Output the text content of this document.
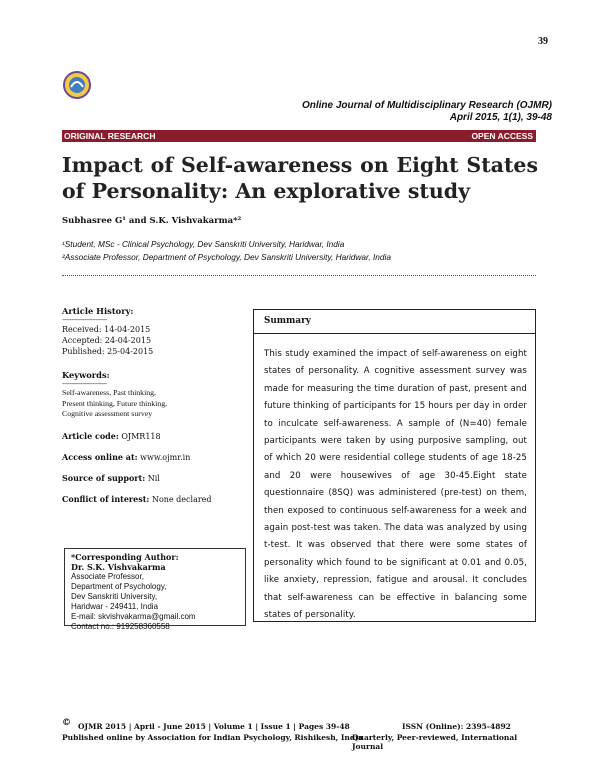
39
Online Journal of Multidisciplinary Research (OJMR)
April 2015, 1(1), 39-48
ORIGINAL RESEARCH	OPEN ACCESS
Impact of Self-awareness on Eight States of Personality: An explorative study
Subhasree G¹ and S.K. Vishvakarma*²
¹Student, MSc - Clinical Psychology, Dev Sanskriti University, Haridwar, India
²Associate Professor, Department of Psychology, Dev Sanskriti University, Haridwar, India
Article History:
------------------------
Received: 14-04-2015
Accepted: 24-04-2015
Published: 25-04-2015
Keywords:
------------------------
Self-awareness, Past thinking,
Present thinking, Future thinking,
Cognitive assessment survey
Article code: OJMR118
Access online at: www.ojmr.in
Source of support: Nil
Conflict of interest: None declared
*Corresponding Author:
Dr. S.K. Vishvakarma
Associate Professor,
Department of Psychology,
Dev Sanskriti University,
Haridwar - 249411, India
E-mail: skvishvakarma@gmail.com
Contact no.: 919258360558
Summary
This study examined the impact of self-awareness on eight states of personality. A cognitive assessment survey was made for measuring the time duration of past, present and future thinking of participants for 15 hours per day in order to inculcate self-awareness. A sample of (N=40) female participants were taken by using purposive sampling, out of which 20 were residential college students of age 18-25 and 20 were housewives of age 30-45.Eight state questionnaire (8SQ) was administered (pre-test) on them, then exposed to continuous self-awareness for a week and again post-test was taken. The data was analyzed by using t-test. It was observed that there were some states of personality which found to be significant at 0.01 and 0.05, like anxiety, repression, fatigue and arousal. It concludes that self-awareness can be effective in balancing some states of personality.
© OJMR 2015 | April - June 2015 | Volume 1 | Issue 1 | Pages 39-48	ISSN (Online): 2395-4892
Published online by Association for Indian Psychology, Rishikesh, India
Quarterly, Peer-reviewed, International Journal
